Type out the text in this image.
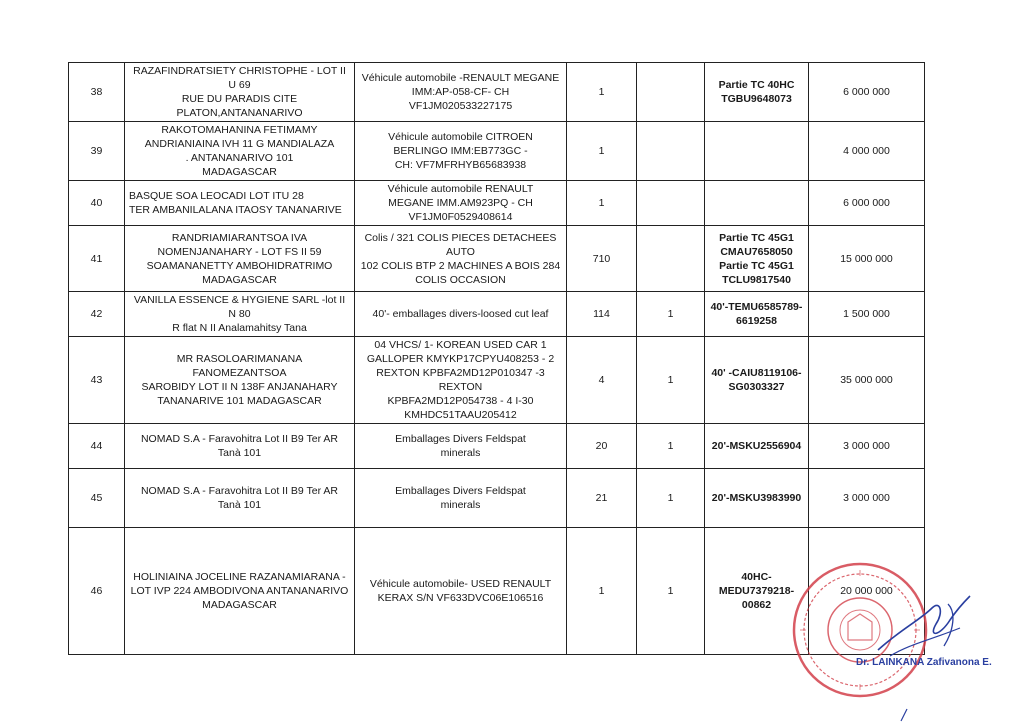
38	RAZAFINDRATSIETY CHRISTOPHE - LOT II U 69
RUE DU PARADIS CITE
PLATON,ANTANANARIVO	Véhicule automobile -RENAULT MEGANE
IMM:AP-058-CF- CH VF1JM020533227175	1		Partie TC 40HC
TGBU9648073	6 000 000
39	RAKOTOMAHANINA FETIMAMY
ANDRIANIAINA IVH 11 G MANDIALAZA
. ANTANANARIVO 101
MADAGASCAR	Véhicule automobile CITROEN
BERLINGO IMM:EB773GC -
CH: VF7MFRHYB65683938	1			4 000 000
40	BASQUE SOA LEOCADI LOT ITU 28
TER AMBANILALANA ITAOSY TANANARIVE	Véhicule automobile RENAULT
MEGANE IMM.AM923PQ - CH
VF1JM0F0529408614	1			6 000 000
41	RANDRIAMIARANTSOA IVA
NOMENJANAHARY - LOT FS II 59
SOAMANANETTY AMBOHIDRATRIMO
MADAGASCAR	Colis / 321 COLIS PIECES DETACHEES AUTO
102 COLIS BTP 2 MACHINES A BOIS 284
COLIS OCCASION	710		Partie TC 45G1
CMAU7658050
Partie TC 45G1
TCLU9817540	15 000 000
42	VANILLA ESSENCE & HYGIENE SARL -lot II N 80
R flat N II Analamahitsy Tana	40'- emballages divers-loosed cut leaf	114	1	40'-TEMU6585789-
6619258	1 500 000
43	MR RASOLOARIMANANA FANOMEZANTSOA
SAROBIDY LOT II N 138F ANJANAHARY
TANANARIVE 101 MADAGASCAR	04 VHCS/ 1- KOREAN USED CAR 1
GALLOPER KMYKP17CPYU408253 - 2
REXTON KPBFA2MD12P010347 -3 REXTON
KPBFA2MD12P054738 - 4 I-30
KMHDC51TAAU205412	4	1	40' -CAIU8119106-
SG0303327	35 000 000
44	NOMAD S.A - Faravohitra Lot II B9 Ter AR
Tanà 101	Emballages Divers Feldspat
minerals	20	1	20'-MSKU2556904	3 000 000
45	NOMAD S.A - Faravohitra Lot II B9 Ter AR
Tanà 101	Emballages Divers Feldspat
minerals	21	1	20'-MSKU3983990	3 000 000
46	HOLINIAINA JOCELINE RAZANAMIARANA -
LOT IVP 224 AMBODIVONA ANTANANARIVO
MADAGASCAR	Véhicule automobile- USED RENAULT
KERAX S/N VF633DVC06E106516	1	1	40HC-
MEDU7379218-
00862	20 000 000
Dr. LAINKANA Zafivanona E.
